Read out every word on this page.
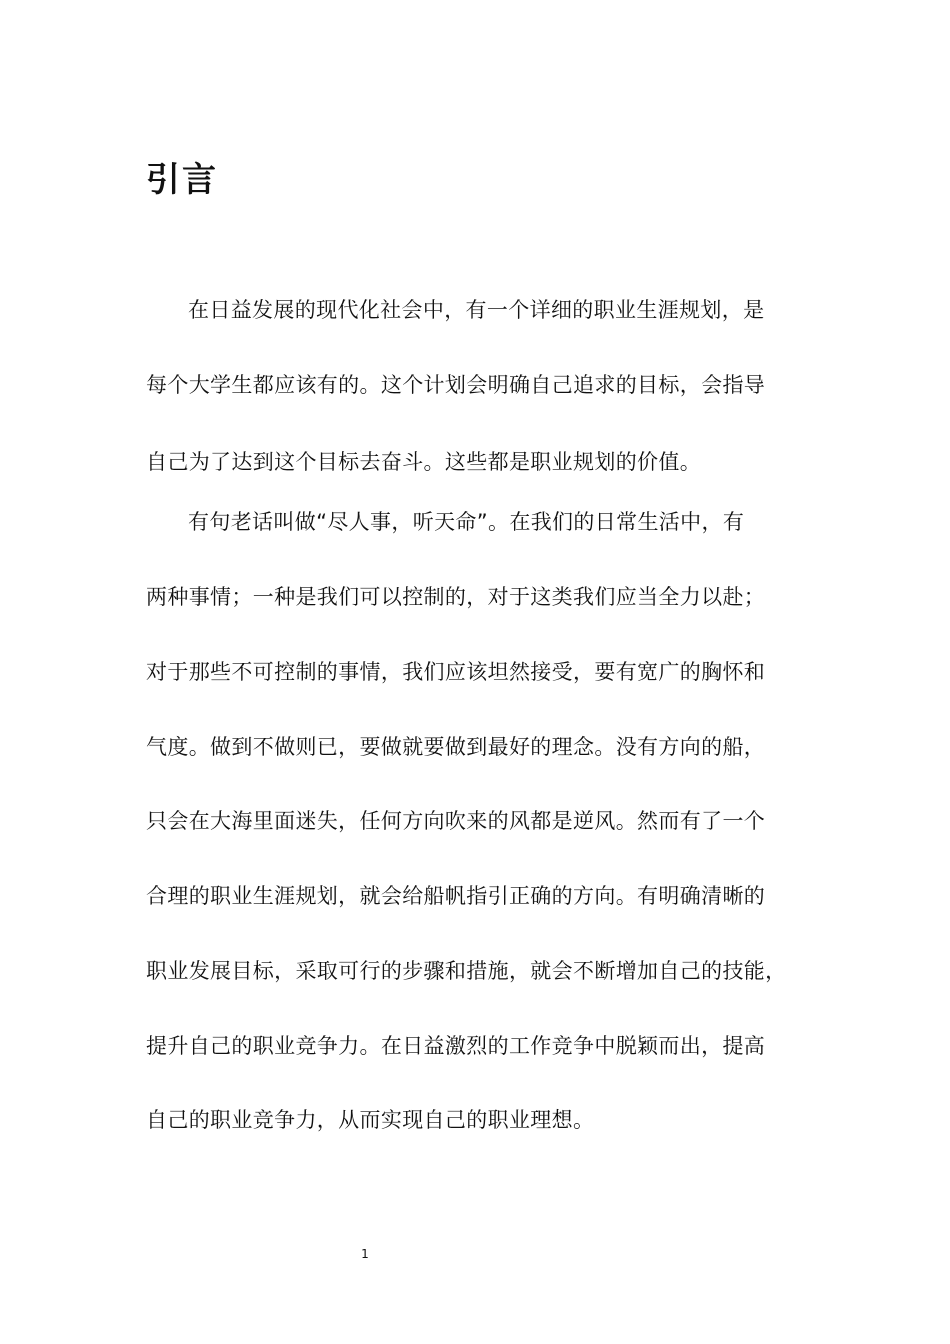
引言

在日益发展的现代化社会中，有一个详细的职业生涯规划，是

每个大学生都应该有的。这个计划会明确自己追求的目标，会指导

自己为了达到这个目标去奋斗。这些都是职业规划的价值。

有句老话叫做“尽人事，听天命”。在我们的日常生活中，有

两种事情；一种是我们可以控制的，对于这类我们应当全力以赴；

对于那些不可控制的事情，我们应该坦然接受，要有宽广的胸怀和

气度。做到不做则已，要做就要做到最好的理念。没有方向的船，

只会在大海里面迷失，任何方向吹来的风都是逆风。然而有了一个

合理的职业生涯规划，就会给船帆指引正确的方向。有明确清晰的

职业发展目标，采取可行的步骤和措施，就会不断增加自己的技能，

提升自己的职业竞争力。在日益激烈的工作竞争中脱颖而出，提高

自己的职业竞争力，从而实现自己的职业理想。

1
